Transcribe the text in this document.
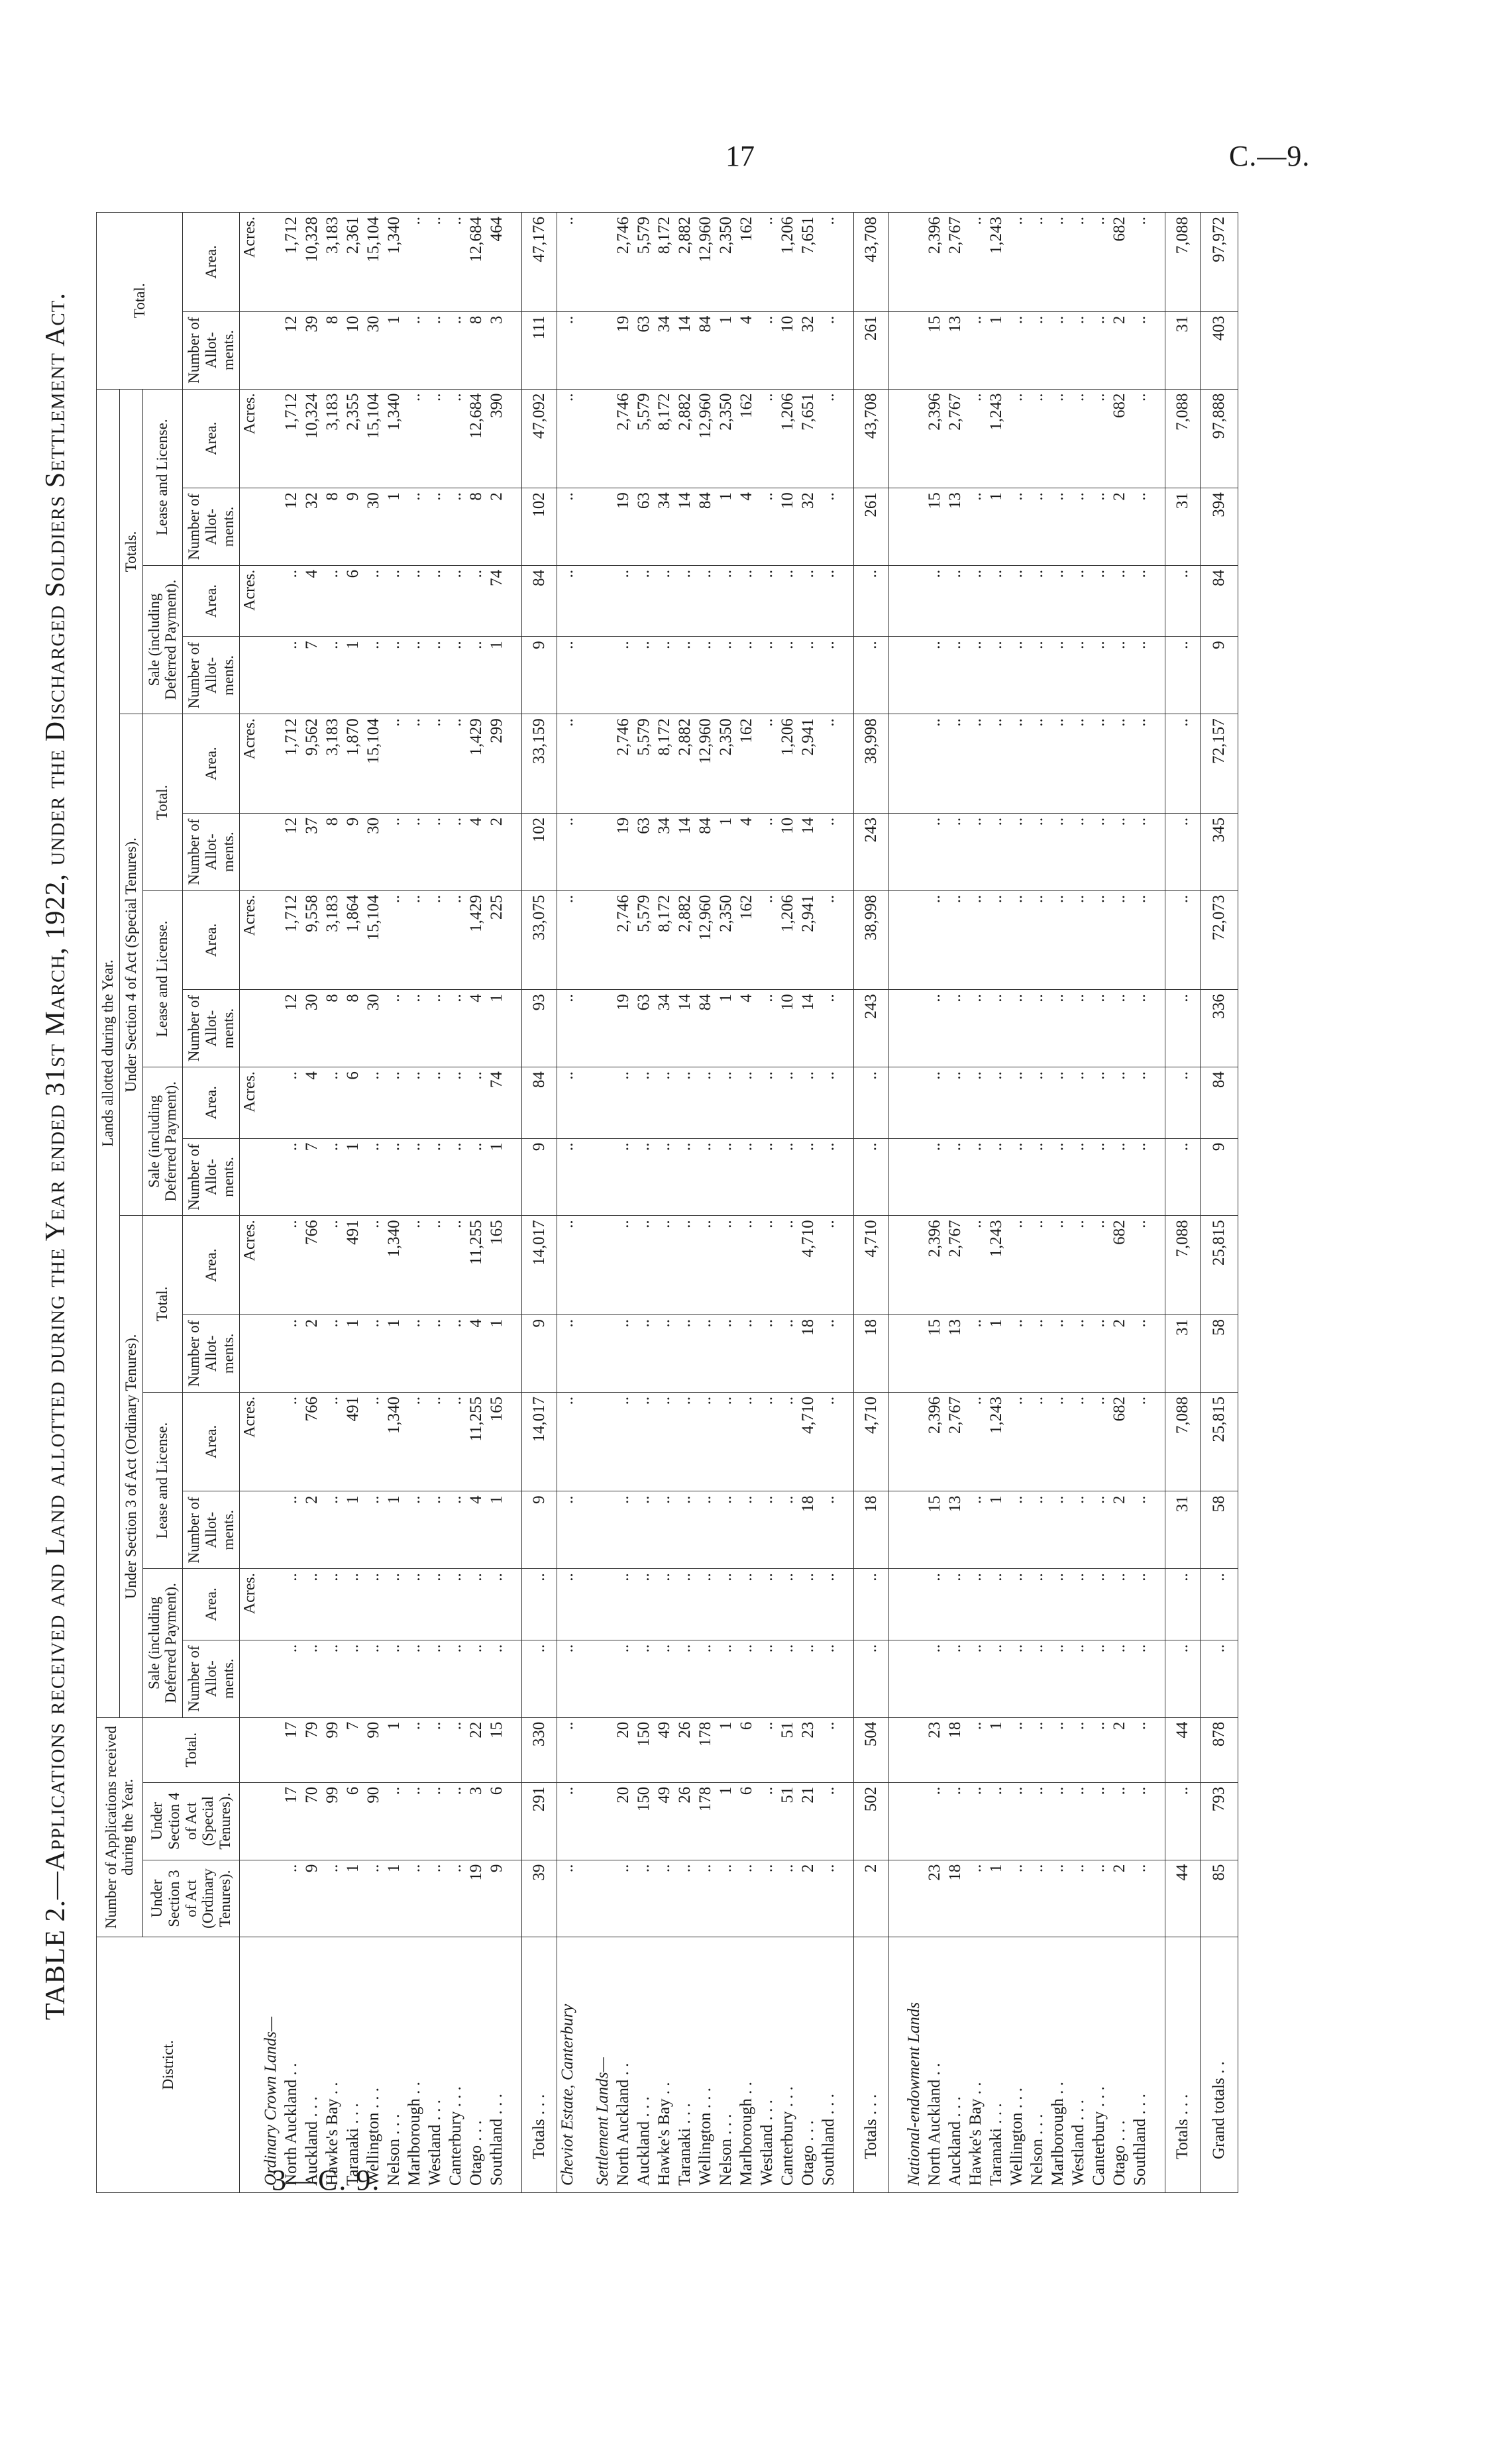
17	C.—9.
3—C. 9.
TABLE 2.—Applications received and Land allotted during the Year ended 31st March, 1922, under the Discharged Soldiers Settlement Act.
District.	Number of Applications received during the Year.			Lands allotted during the Year.																Total.	
				Under Section 3 of Act (Ordinary Tenures).						Under Section 4 of Act (Special Tenures).						Totals.					
	Under Section 3 of Act (Ordinary Tenures).	Under Section 4 of Act (Special Tenures).	Total.	Sale (including Deferred Payment).		Lease and License.		Total.		Sale (including Deferred Payment).		Lease and License.		Total.		Sale (including Deferred Payment).		Lease and License.			
				Number of Allot-ments.	Area.	Number of Allot-ments.	Area.	Number of Allot-ments.	Area.	Number of Allot-ments.	Area.	Number of Allot-ments.	Area.	Number of Allot-ments.	Area.	Number of Allot-ments.	Area.	Number of Allot-ments.	Area.	Number of Allot-ments.	Area.
					Acres.		Acres.		Acres.		Acres.		Acres.		Acres.		Acres.		Acres.		Acres.
Ordinary Crown Lands—																					
North Auckland . .	..	17	17	..	..	..	..	..	..	..	..	12	1,712	12	1,712	..	..	12	1,712	12	1,712
Auckland . . .	9	70	79	..	..	2	766	2	766	7	4	30	9,558	37	9,562	7	4	32	10,324	39	10,328
Hawke's Bay . .	..	99	99	..	..	..	..	..	..	..	..	8	3,183	8	3,183	..	..	8	3,183	8	3,183
Taranaki . . .	1	6	7	..	..	1	491	1	491	1	6	8	1,864	9	1,870	1	6	9	2,355	10	2,361
Wellington . . .	..	90	90	..	..	..	..	..	..	..	..	30	15,104	30	15,104	..	..	30	15,104	30	15,104
Nelson . . .	1	..	1	..	..	1	1,340	1	1,340	..	..	..	..	..	..	..	..	1	1,340	1	1,340
Marlborough . .	..	..	..	..	..	..	..	..	..	..	..	..	..	..	..	..	..	..	..	..	..
Westland . . .	..	..	..	..	..	..	..	..	..	..	..	..	..	..	..	..	..	..	..	..	..
Canterbury . . .	..	..	..	..	..	..	..	..	..	..	..	..	..	..	..	..	..	..	..	..	..
Otago . . .	19	3	22	..	..	4	11,255	4	11,255	..	..	4	1,429	4	1,429	..	..	8	12,684	8	12,684
Southland . . .	9	6	15	..	..	1	165	1	165	1	74	1	225	2	299	1	74	2	390	3	464

Totals . . .	39	291	330	..	..	9	14,017	9	14,017	9	84	93	33,075	102	33,159	9	84	102	47,092	111	47,176
Cheviot Estate, Canterbury	..	..	..	..	..	..	..	..	..	..	..	..	..	..	..	..	..	..	..	..	..

Settlement Lands—																					
North Auckland . .	..	20	20	..	..	..	..	..	..	..	..	19	2,746	19	2,746	..	..	19	2,746	19	2,746
Auckland . . .	..	150	150	..	..	..	..	..	..	..	..	63	5,579	63	5,579	..	..	63	5,579	63	5,579
Hawke's Bay . .	..	49	49	..	..	..	..	..	..	..	..	34	8,172	34	8,172	..	..	34	8,172	34	8,172
Taranaki . . .	..	26	26	..	..	..	..	..	..	..	..	14	2,882	14	2,882	..	..	14	2,882	14	2,882
Wellington . . .	..	178	178	..	..	..	..	..	..	..	..	84	12,960	84	12,960	..	..	84	12,960	84	12,960
Nelson . . .	..	1	1	..	..	..	..	..	..	..	..	1	2,350	1	2,350	..	..	1	2,350	1	2,350
Marlborough . .	..	6	6	..	..	..	..	..	..	..	..	4	162	4	162	..	..	4	162	4	162
Westland . . .	..	..	..	..	..	..	..	..	..	..	..	..	..	..	..	..	..	..	..	..	..
Canterbury . . .	..	51	51	..	..	..	..	..	..	..	..	10	1,206	10	1,206	..	..	10	1,206	10	1,206
Otago . . .	2	21	23	..	..	18	4,710	18	4,710	..	..	14	2,941	14	2,941	..	..	32	7,651	32	7,651
Southland . . .	..	..	..	..	..	..	..	..	..	..	..	..	..	..	..	..	..	..	..	..	..

Totals . . .	2	502	504	..	..	18	4,710	18	4,710	..	..	243	38,998	243	38,998	..	..	261	43,708	261	43,708

National-endowment Lands																					
North Auckland . .	23	..	23	..	..	15	2,396	15	2,396	..	..	..	..	..	..	..	..	15	2,396	15	2,396
Auckland . . .	18	..	18	..	..	13	2,767	13	2,767	..	..	..	..	..	..	..	..	13	2,767	13	2,767
Hawke's Bay . .	..	..	..	..	..	..	..	..	..	..	..	..	..	..	..	..	..	..	..	..	..
Taranaki . . .	1	..	1	..	..	1	1,243	1	1,243	..	..	..	..	..	..	..	..	1	1,243	1	1,243
Wellington . . .	..	..	..	..	..	..	..	..	..	..	..	..	..	..	..	..	..	..	..	..	..
Nelson . . .	..	..	..	..	..	..	..	..	..	..	..	..	..	..	..	..	..	..	..	..	..
Marlborough . .	..	..	..	..	..	..	..	..	..	..	..	..	..	..	..	..	..	..	..	..	..
Westland . . .	..	..	..	..	..	..	..	..	..	..	..	..	..	..	..	..	..	..	..	..	..
Canterbury . . .	..	..	..	..	..	..	..	..	..	..	..	..	..	..	..	..	..	..	..	..	..
Otago . . .	2	..	2	..	..	2	682	2	682	..	..	..	..	..	..	..	..	2	682	2	682
Southland . . .	..	..	..	..	..	..	..	..	..	..	..	..	..	..	..	..	..	..	..	..	..

Totals . . .	44	..	44	..	..	31	7,088	31	7,088	..	..	..	..	..	..	..	..	31	7,088	31	7,088
Grand totals . .	85	793	878	..	..	58	25,815	58	25,815	9	84	336	72,073	345	72,157	9	84	394	97,888	403	97,972
